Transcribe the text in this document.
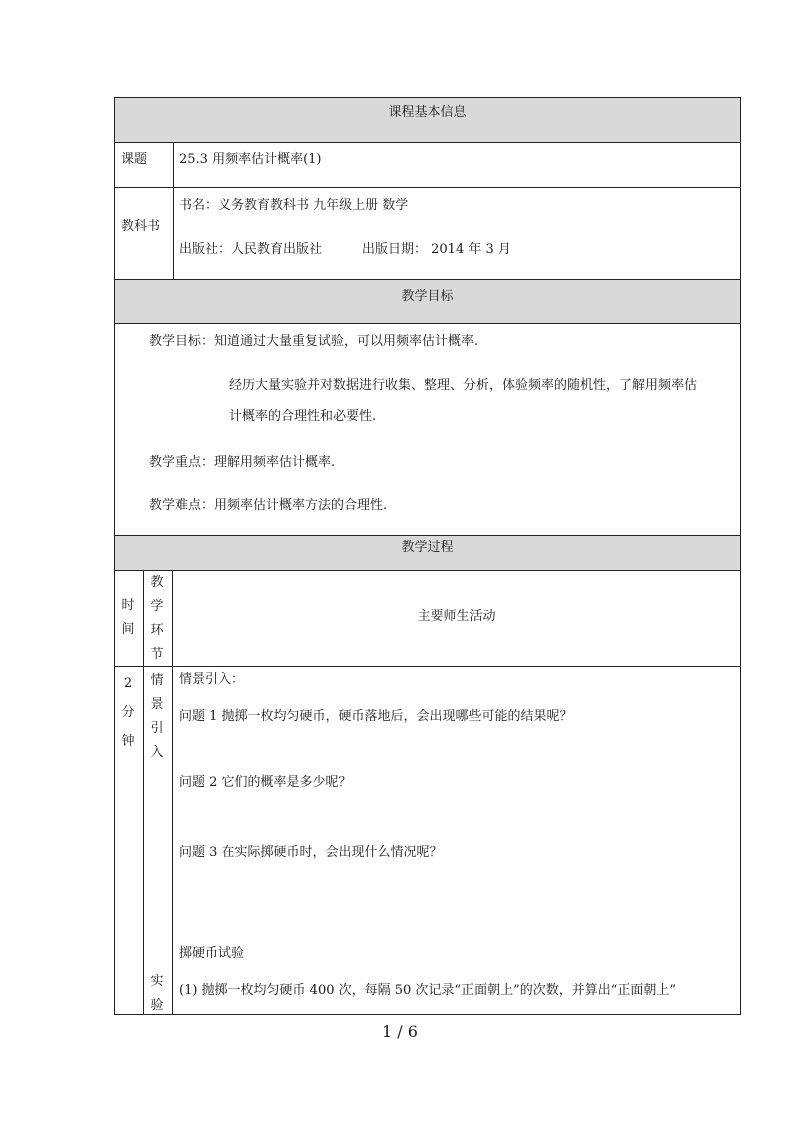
课程基本信息
教学目标
教学过程
课题 25.3 用频率估计概率(1)
教科书
书名：义务教育教科书 九年级上册 数学
出版社：人民教育出版社	出版日期： 2014 年 3 月
教学目标：知道通过大量重复试验，可以用频率估计概率.
经历大量实验并对数据进行收集、整理、分析，体验频率的随机性，了解用频率估
计概率的合理性和必要性.
教学重点：理解用频率估计概率.
教学难点：用频率估计概率方法的合理性.
时
间
教
学
环
节
主要师生活动
2
分
钟
情
景
引
入
实
验
情景引入：
问题 1 抛掷一枚均匀硬币，硬币落地后，会出现哪些可能的结果呢？
问题 2 它们的概率是多少呢？
问题 3 在实际掷硬币时，会出现什么情况呢？
掷硬币试验
(1) 抛掷一枚均匀硬币 400 次，每隔 50 次记录“正面朝上”的次数，并算出“正面朝上”
1 / 6
